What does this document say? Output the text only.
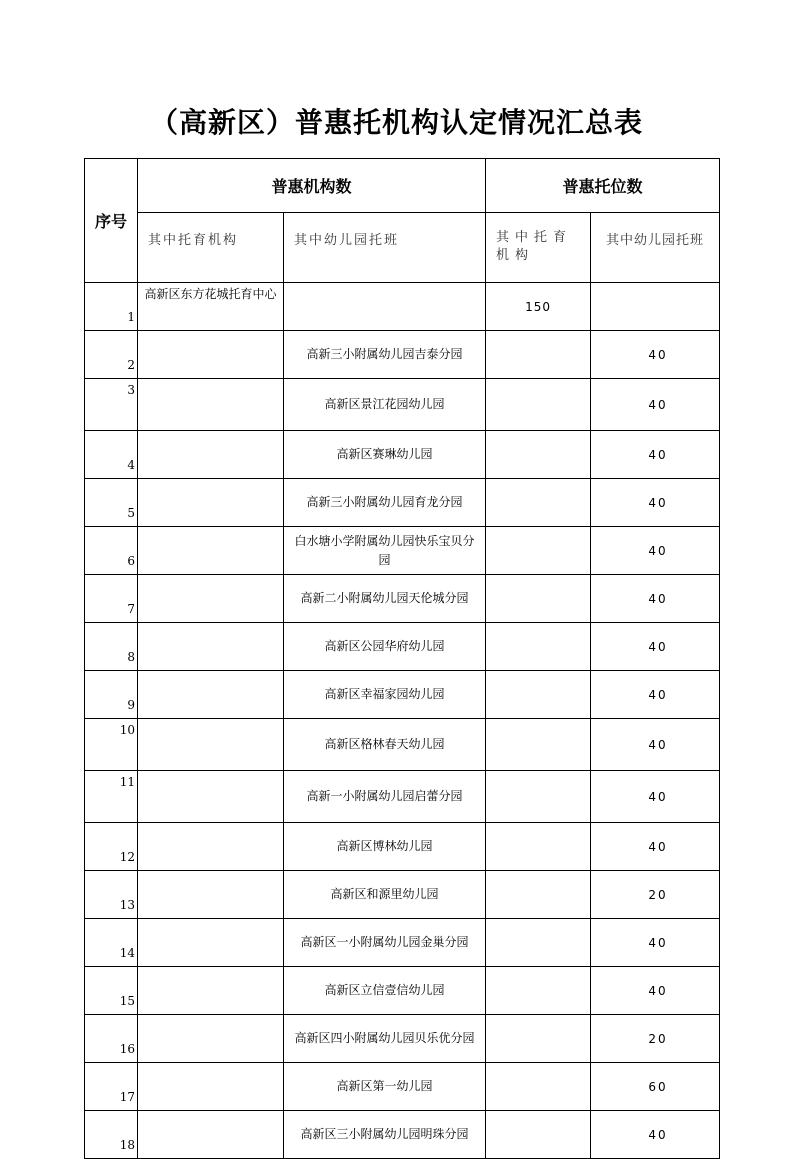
（高新区）普惠托机构认定情况汇总表
序号	普惠机构数		普惠托位数	
	其中托育机构	其中幼儿园托班	其中托育机构	其中幼儿园托班
1	高新区东方花城托育中心		150	
2		高新三小附属幼儿园吉泰分园		40
3		高新区景江花园幼儿园		40
4		高新区赛琳幼儿园		40
5		高新三小附属幼儿园育龙分园		40
6		白水塘小学附属幼儿园快乐宝贝分园		40
7		高新二小附属幼儿园天伦城分园		40
8		高新区公园华府幼儿园		40
9		高新区幸福家园幼儿园		40
10		高新区格林春天幼儿园		40
11		高新一小附属幼儿园启蕾分园		40
12		高新区博林幼儿园		40
13		高新区和源里幼儿园		20
14		高新区一小附属幼儿园金巢分园		40
15		高新区立信壹信幼儿园		40
16		高新区四小附属幼儿园贝乐优分园		20
17		高新区第一幼儿园		60
18		高新区三小附属幼儿园明珠分园		40
